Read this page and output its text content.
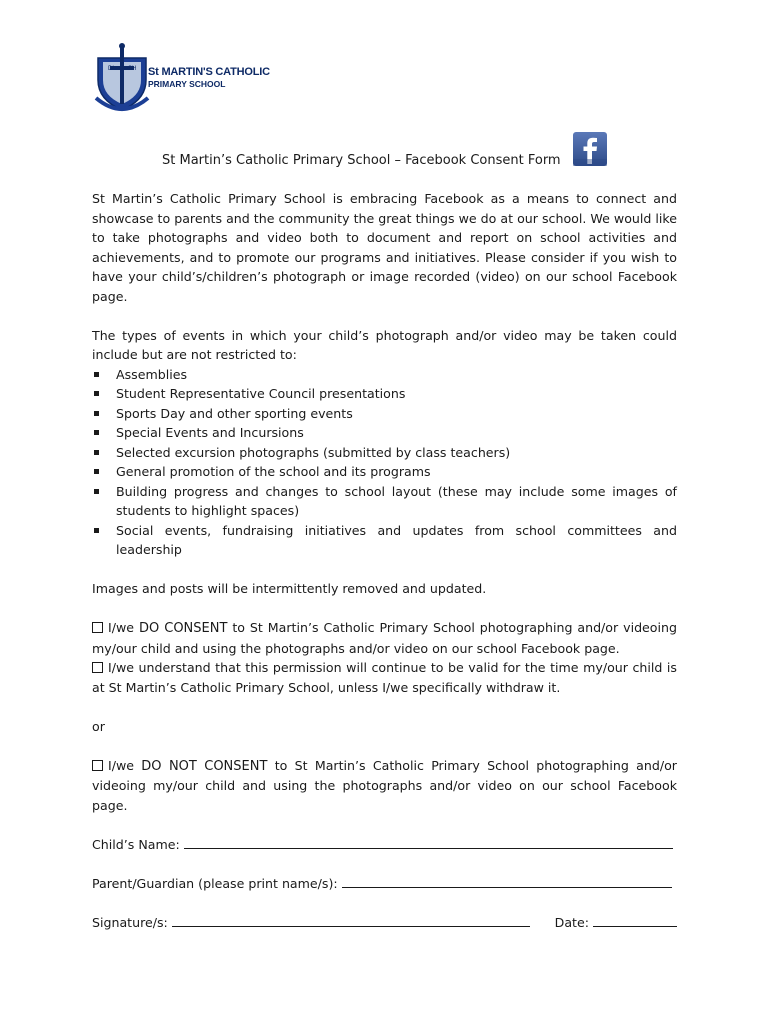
DL SH St MARTIN'S CATHOLIC
PRIMARY SCHOOL
St Martin’s Catholic Primary School – Facebook Consent Form

St Martin’s Catholic Primary School is embracing Facebook as a means to connect and showcase to parents and the community the great things we do at our school. We would like to take photographs and video both to document and report on school activities and achievements, and to promote our programs and initiatives. Please consider if you wish to have your child’s/children’s photograph or image recorded (video) on our school Facebook page.

The types of events in which your child’s photograph and/or video may be taken could include but are not restricted to:

Assemblies
Student Representative Council presentations
Sports Day and other sporting events
Special Events and Incursions
Selected excursion photographs (submitted by class teachers)
General promotion of the school and its programs
Building progress and changes to school layout (these may include some images of students to highlight spaces)
Social events, fundraising initiatives and updates from school committees and leadership

Images and posts will be intermittently removed and updated.

I/we DO CONSENT to St Martin’s Catholic Primary School photographing and/or videoing my/our child and using the photographs and/or video on our school Facebook page.

I/we understand that this permission will continue to be valid for the time my/our child is at St Martin’s Catholic Primary School, unless I/we specifically withdraw it.

or

I/we DO NOT CONSENT to St Martin’s Catholic Primary School photographing and/or videoing my/our child and using the photographs and/or video on our school Facebook page.

Child’s Name:
Parent/Guardian (please print name/s):
Signature/s:	Date:
